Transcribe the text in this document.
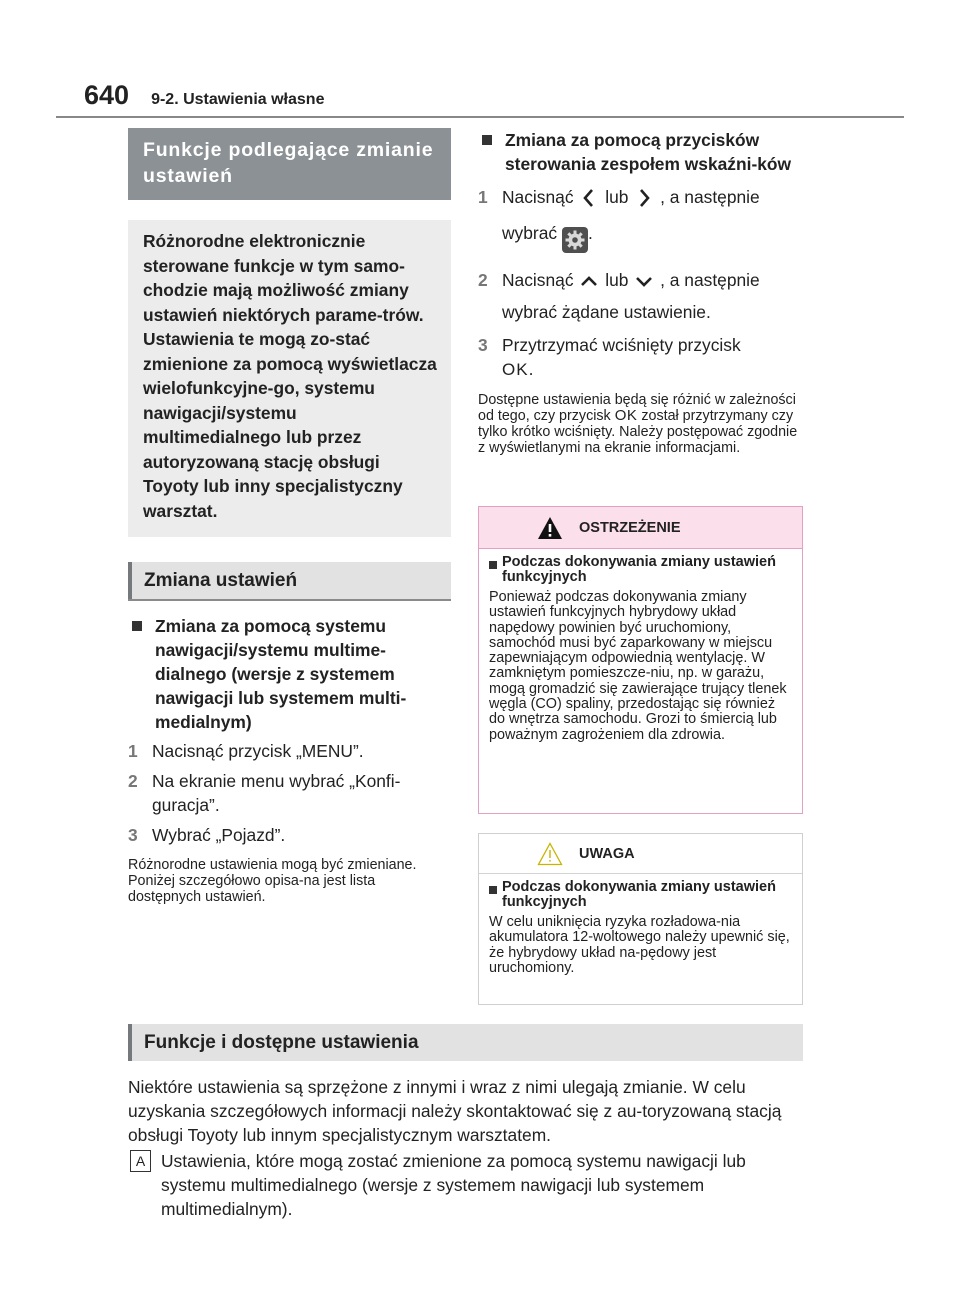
640 9-2. Ustawienia własne
Funkcje podlegające zmianie ustawień
Różnorodne elektronicznie sterowane funkcje w tym samo-chodzie mają możliwość zmiany ustawień niektórych parame-trów. Ustawienia te mogą zo-stać zmienione za pomocą wyświetlacza wielofunkcyjne-go, systemu nawigacji/systemu multimedialnego lub przez autoryzowaną stację obsługi Toyoty lub inny specjalistyczny warsztat.
Zmiana ustawień
Zmiana za pomocą systemu nawigacji/systemu multime-dialnego (wersje z systemem nawigacji lub systemem multi-medialnym)
1 Nacisnąć przycisk „MENU”.
2 Na ekranie menu wybrać „Konfi-guracja”.
3 Wybrać „Pojazd”.
Różnorodne ustawienia mogą być zmieniane. Poniżej szczegółowo opisa-na jest lista dostępnych ustawień.
Zmiana za pomocą przycisków sterowania zespołem wskaźni-ków
1 Nacisnąć lub , a następnie
wybrać .
2 Nacisnąć lub , a następnie
wybrać żądane ustawienie.
3 Przytrzymać wciśnięty przycisk
OK.
Dostępne ustawienia będą się różnić w zależności od tego, czy przycisk OK został przytrzymany czy tylko krótko wciśnięty. Należy postępować zgodnie z wyświetlanymi na ekranie informacjami.
OSTRZEŻENIE
Podczas dokonywania zmiany ustawień funkcyjnych
Ponieważ podczas dokonywania zmiany ustawień funkcyjnych hybrydowy układ napędowy powinien być uruchomiony, samochód musi być zaparkowany w miejscu zapewniającym odpowiednią wentylację. W zamkniętym pomieszcze-niu, np. w garażu, mogą gromadzić się zawierające trujący tlenek węgla (CO) spaliny, przedostając się również do wnętrza samochodu. Grozi to śmiercią lub poważnym zagrożeniem dla zdrowia.
UWAGA
Podczas dokonywania zmiany ustawień funkcyjnych
W celu uniknięcia ryzyka rozładowa-nia akumulatora 12-woltowego należy upewnić się, że hybrydowy układ na-pędowy jest uruchomiony.
Funkcje i dostępne ustawienia
Niektóre ustawienia są sprzężone z innymi i wraz z nimi ulegają zmianie. W celu uzyskania szczegółowych informacji należy skontaktować się z au-toryzowaną stacją obsługi Toyoty lub innym specjalistycznym warsztatem.
A Ustawienia, które mogą zostać zmienione za pomocą systemu nawigacji lub systemu multimedialnego (wersje z systemem nawigacji lub systemem multimedialnym).
